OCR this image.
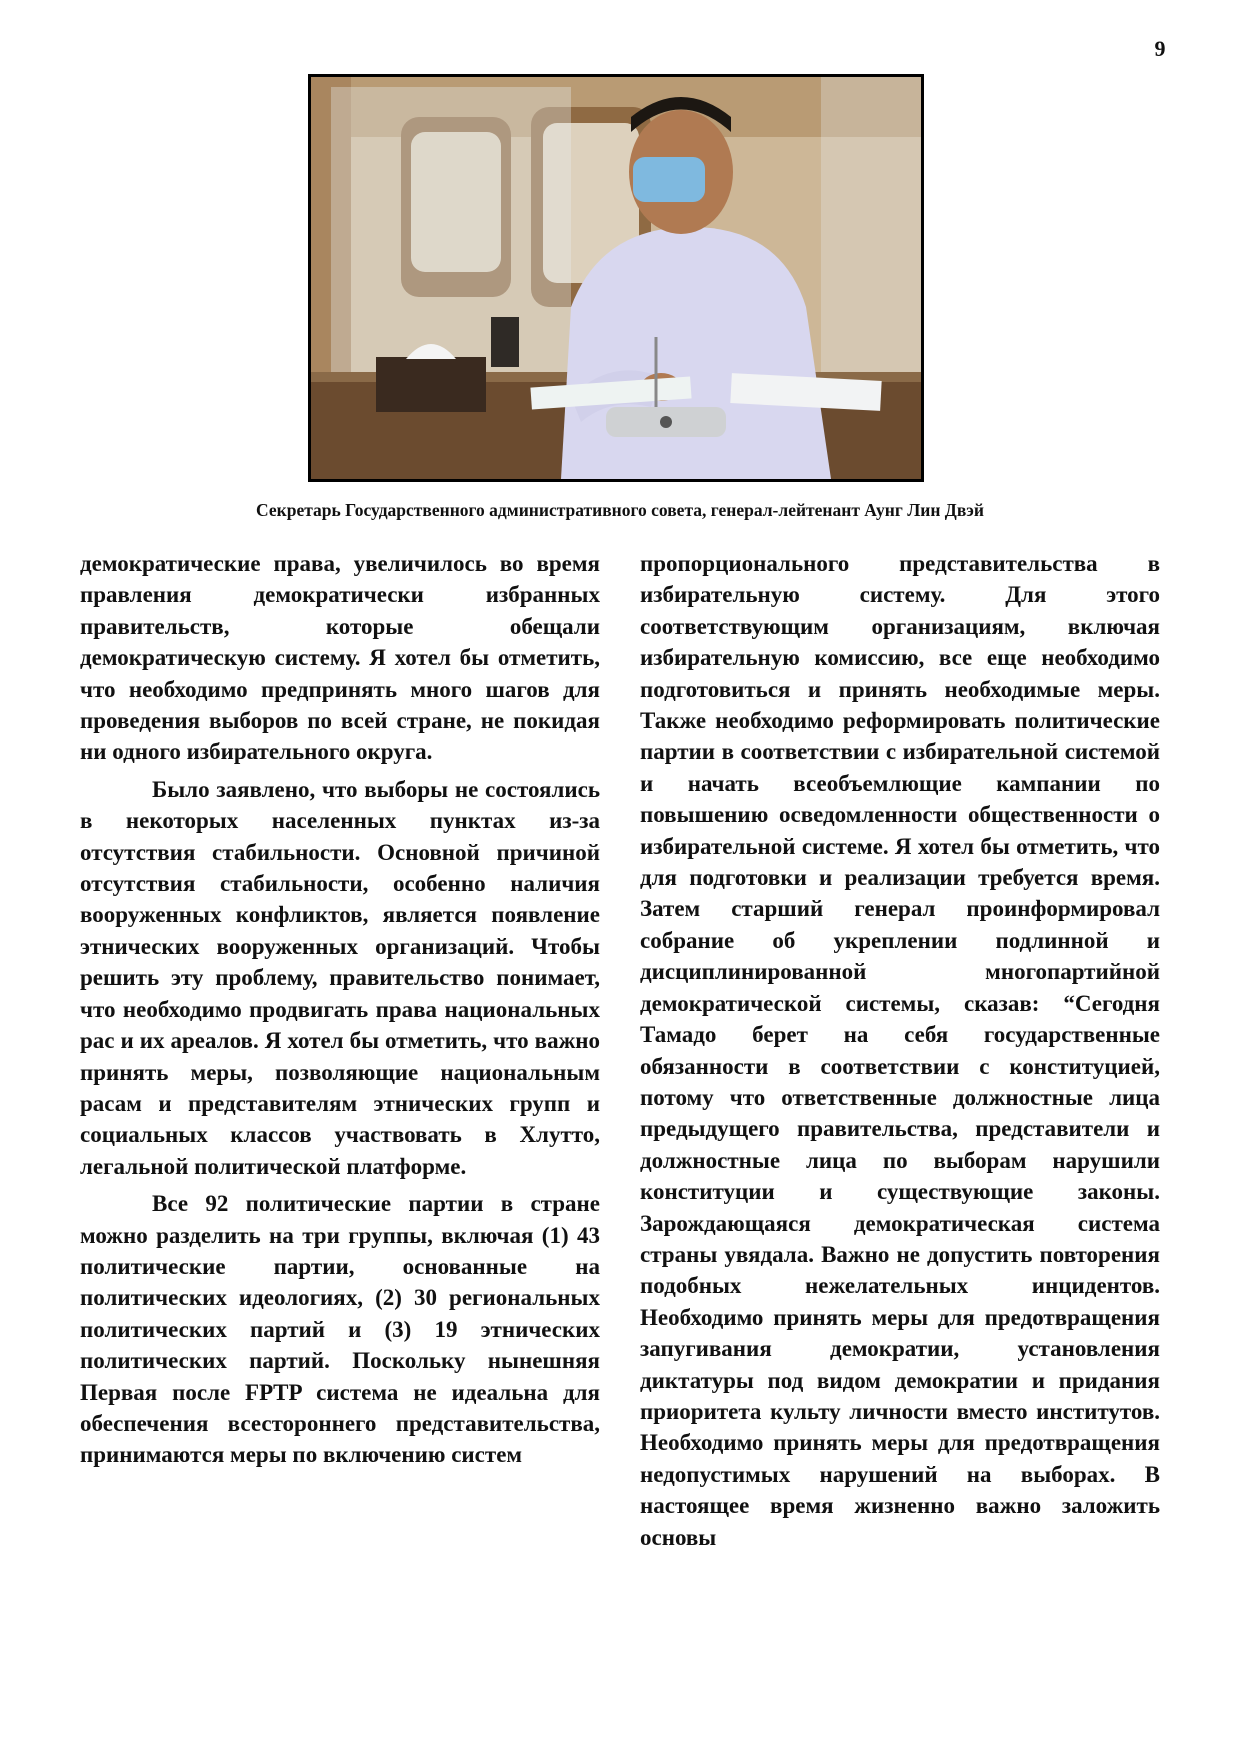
9
Секретарь Государственного административного совета, генерал-лейтенант Аунг Лин Двэй

демократические права, увеличилось во время правления демократически избранных правительств, которые обещали демократическую систему. Я хотел бы отметить, что необходимо предпринять много шагов для проведения выборов по всей стране, не покидая ни одного избирательного округа.

Было заявлено, что выборы не состоялись в некоторых населенных пунктах из-за отсутствия стабильности. Основной причиной отсутствия стабильности, особенно наличия вооруженных конфликтов, является появление этнических вооруженных организаций. Чтобы решить эту проблему, правительство понимает, что необходимо продвигать права национальных рас и их ареалов. Я хотел бы отметить, что важно принять меры, позволяющие национальным расам и представителям этнических групп и социальных классов участвовать в Хлутто, легальной политической платформе.

Все 92 политические партии в стране можно разделить на три группы, включая (1) 43 политические партии, основанные на политических идеологиях, (2) 30 региональных политических партий и (3) 19 этнических политических партий. Поскольку нынешняя Первая после FPTP система не идеальна для обеспечения всестороннего представительства, принимаются меры по включению систем

пропорционального представительства в избирательную систему. Для этого соответствующим организациям, включая избирательную комиссию, все еще необходимо подготовиться и принять необходимые меры. Также необходимо реформировать политические партии в соответствии с избирательной системой и начать всеобъемлющие кампании по повышению осведомленности общественности о избирательной системе. Я хотел бы отметить, что для подготовки и реализации требуется время. Затем старший генерал проинформировал собрание об укреплении подлинной и дисциплинированной многопартийной демократической системы, сказав: “Сегодня Тамадо берет на себя государственные обязанности в соответствии с конституцией, потому что ответственные должностные лица предыдущего правительства, представители и должностные лица по выборам нарушили конституции и существующие законы. Зарождающаяся демократическая система страны увядала. Важно не допустить повторения подобных нежелательных инцидентов. Необходимо принять меры для предотвращения запугивания демократии, установления диктатуры под видом демократии и придания приоритета культу личности вместо институтов. Необходимо принять меры для предотвращения недопустимых нарушений на выборах. В настоящее время жизненно важно заложить основы
